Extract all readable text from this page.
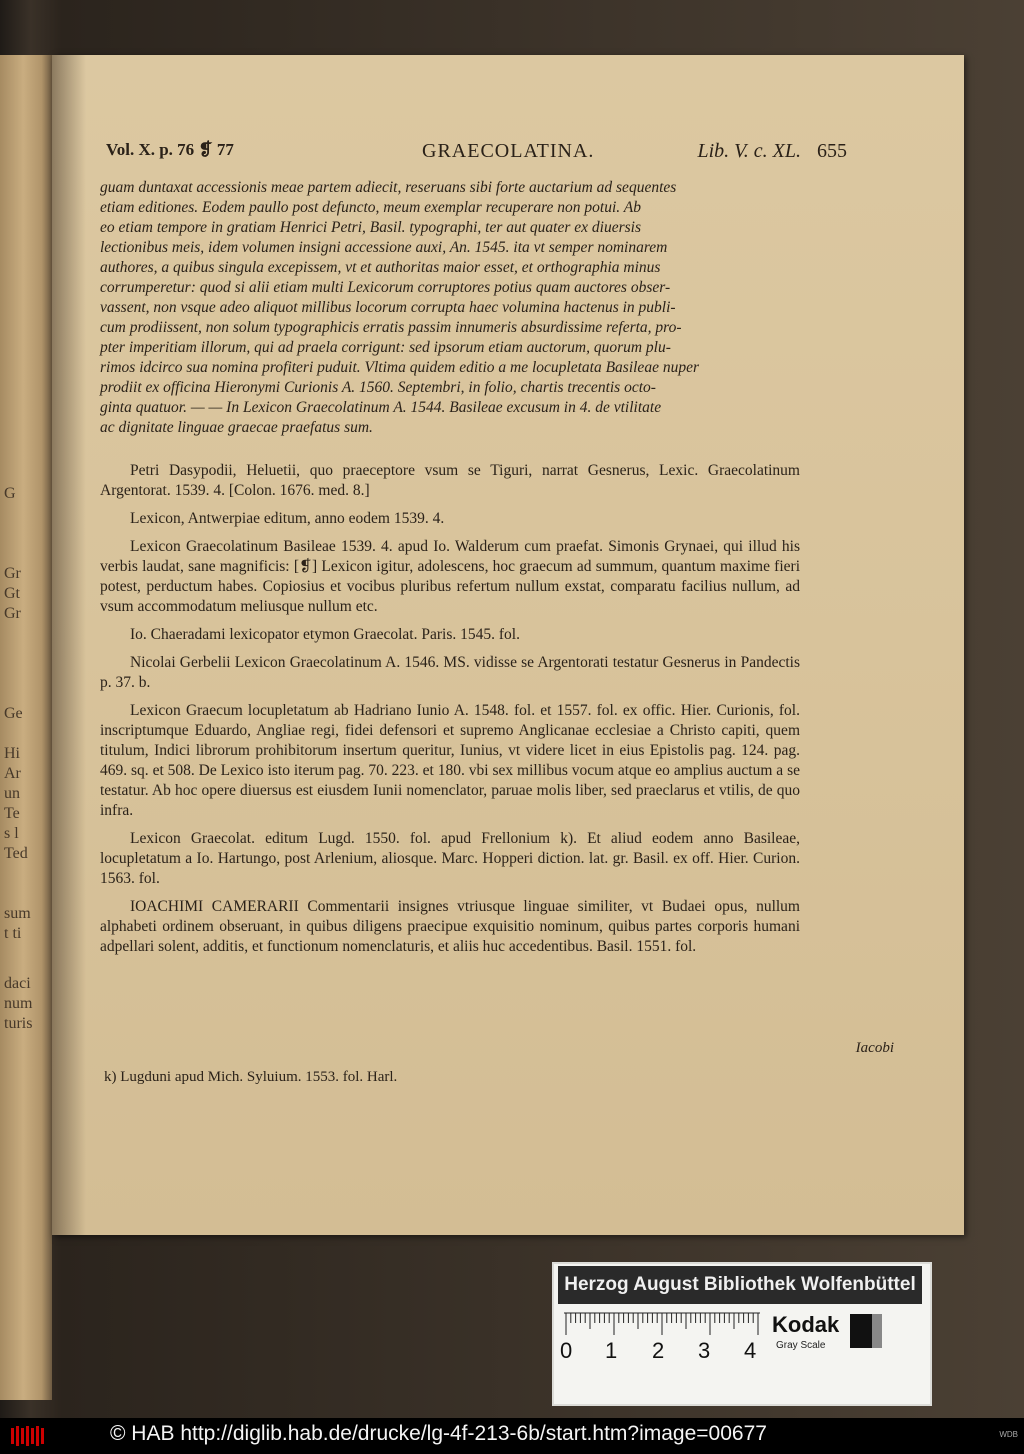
G
Gr
Gt
Gr
Ge
Hi
Ar
un
Te
s l
Ted
sum
t ti
daci
num
turis
Vol. X. p. 76 ❡ 77	GRAECOLATINA.	Lib. V. c. XL. 655
guam duntaxat accessionis meae partem adiecit, reseruans sibi forte auctarium ad sequentes
etiam editiones. Eodem paullo post defuncto, meum exemplar recuperare non potui. Ab
eo etiam tempore in gratiam Henrici Petri, Basil. typographi, ter aut quater ex diuersis
lectionibus meis, idem volumen insigni accessione auxi, An. 1545. ita vt semper nominarem
authores, a quibus singula excepissem, vt et authoritas maior esset, et orthographia minus
corrumperetur: quod si alii etiam multi Lexicorum corruptores potius quam auctores obser-
vassent, non vsque adeo aliquot millibus locorum corrupta haec volumina hactenus in publi-
cum prodiissent, non solum typographicis erratis passim innumeris absurdissime referta, pro-
pter imperitiam illorum, qui ad praela corrigunt: sed ipsorum etiam auctorum, quorum plu-
rimos idcirco sua nomina profiteri puduit. Vltima quidem editio a me locupletata Basileae nuper
prodiit ex officina Hieronymi Curionis A. 1560. Septembri, in folio, chartis trecentis octo-
ginta quatuor. — — In Lexicon Graecolatinum A. 1544. Basileae excusum in 4. de vtilitate
ac dignitate linguae graecae praefatus sum.

Petri Dasypodii, Heluetii, quo praeceptore vsum se Tiguri, narrat Gesnerus, Lexic. Graecolatinum Argentorat. 1539. 4. [Colon. 1676. med. 8.]

Lexicon, Antwerpiae editum, anno eodem 1539. 4.

Lexicon Graecolatinum Basileae 1539. 4. apud Io. Walderum cum praefat. Simonis Grynaei, qui illud his verbis laudat, sane magnificis: [❡] Lexicon igitur, adolescens, hoc graecum ad summum, quantum maxime fieri potest, perductum habes. Copiosius et vocibus pluribus refertum nullum exstat, comparatu facilius nullum, ad vsum accommodatum meliusque nullum etc.

Io. Chaeradami lexicopator etymon Graecolat. Paris. 1545. fol.

Nicolai Gerbelii Lexicon Graecolatinum A. 1546. MS. vidisse se Argentorati testatur Gesnerus in Pandectis p. 37. b.

Lexicon Graecum locupletatum ab Hadriano Iunio A. 1548. fol. et 1557. fol. ex offic. Hier. Curionis, fol. inscriptumque Eduardo, Angliae regi, fidei defensori et supremo Anglicanae ecclesiae a Christo capiti, quem titulum, Indici librorum prohibitorum insertum queritur, Iunius, vt videre licet in eius Epistolis pag. 124. pag. 469. sq. et 508. De Lexico isto iterum pag. 70. 223. et 180. vbi sex millibus vocum atque eo amplius auctum a se testatur. Ab hoc opere diuersus est eiusdem Iunii nomenclator, paruae molis liber, sed praeclarus et vtilis, de quo infra.

Lexicon Graecolat. editum Lugd. 1550. fol. apud Frellonium k). Et aliud eodem anno Basileae, locupletatum a Io. Hartungo, post Arlenium, aliosque. Marc. Hopperi diction. lat. gr. Basil. ex off. Hier. Curion. 1563. fol.

IOACHIMI CAMERARII Commentarii insignes vtriusque linguae similiter, vt Budaei opus, nullum alphabeti ordinem obseruant, in quibus diligens praecipue exquisitio nominum, quibus partes corporis humani adpellari solent, additis, et functionum nomenclaturis, et aliis huc accedentibus. Basil. 1551. fol.

Iacobi
k) Lugduni apud Mich. Syluium. 1553. fol. Harl.
Herzog August Bibliothek Wolfenbüttel
0 1 2 3 4
Kodak
Gray Scale
© HAB http://diglib.hab.de/drucke/lg-4f-213-6b/start.htm?image=00677	WDB
